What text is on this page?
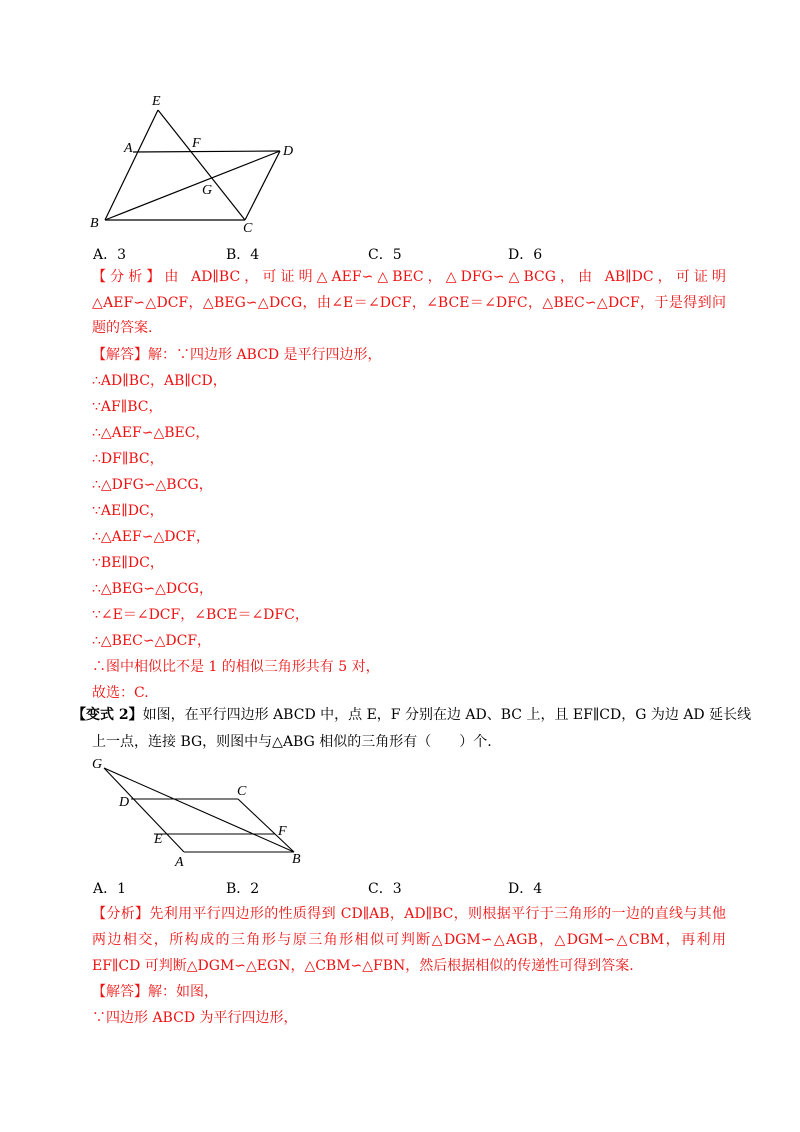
E
A	F
D
G
B	C
A．3	B．4	C．5	D．6
【分析】由 AD∥BC，可证明△AEF∽△BEC，△DFG∽△BCG，由 AB∥DC，可证明
△AEF∽△DCF，△BEG∽△DCG，由∠E＝∠DCF，∠BCE＝∠DFC，△BEC∽△DCF，于是得到问
题的答案.
【解答】解：∵四边形 ABCD 是平行四边形，
∴AD∥BC，AB∥CD，
∵AF∥BC，
∴△AEF∽△BEC，
∴DF∥BC，
∴△DFG∽△BCG，
∵AE∥DC，
∴△AEF∽△DCF，
∵BE∥DC，
∴△BEG∽△DCG，
∵∠E＝∠DCF，∠BCE＝∠DFC，
∴△BEC∽△DCF，
∴图中相似比不是 1 的相似三角形共有 5 对，
故选：C.
【变式 2】如图，在平行四边形 ABCD 中，点 E，F 分别在边 AD、BC 上，且 EF∥CD，G 为边 AD 延长线
上一点，连接 BG，则图中与△ABG 相似的三角形有（　　）个.
G
D
C
F
E
A	B
A．1	B．2	C．3	D．4
【分析】先利用平行四边形的性质得到 CD∥AB，AD∥BC，则根据平行于三角形的一边的直线与其他
两边相交，所构成的三角形与原三角形相似可判断△DGM∽△AGB，△DGM∽△CBM，再利用
EF∥CD 可判断△DGM∽△EGN，△CBM∽△FBN，然后根据相似的传递性可得到答案.
【解答】解：如图，
∵四边形 ABCD 为平行四边形，
